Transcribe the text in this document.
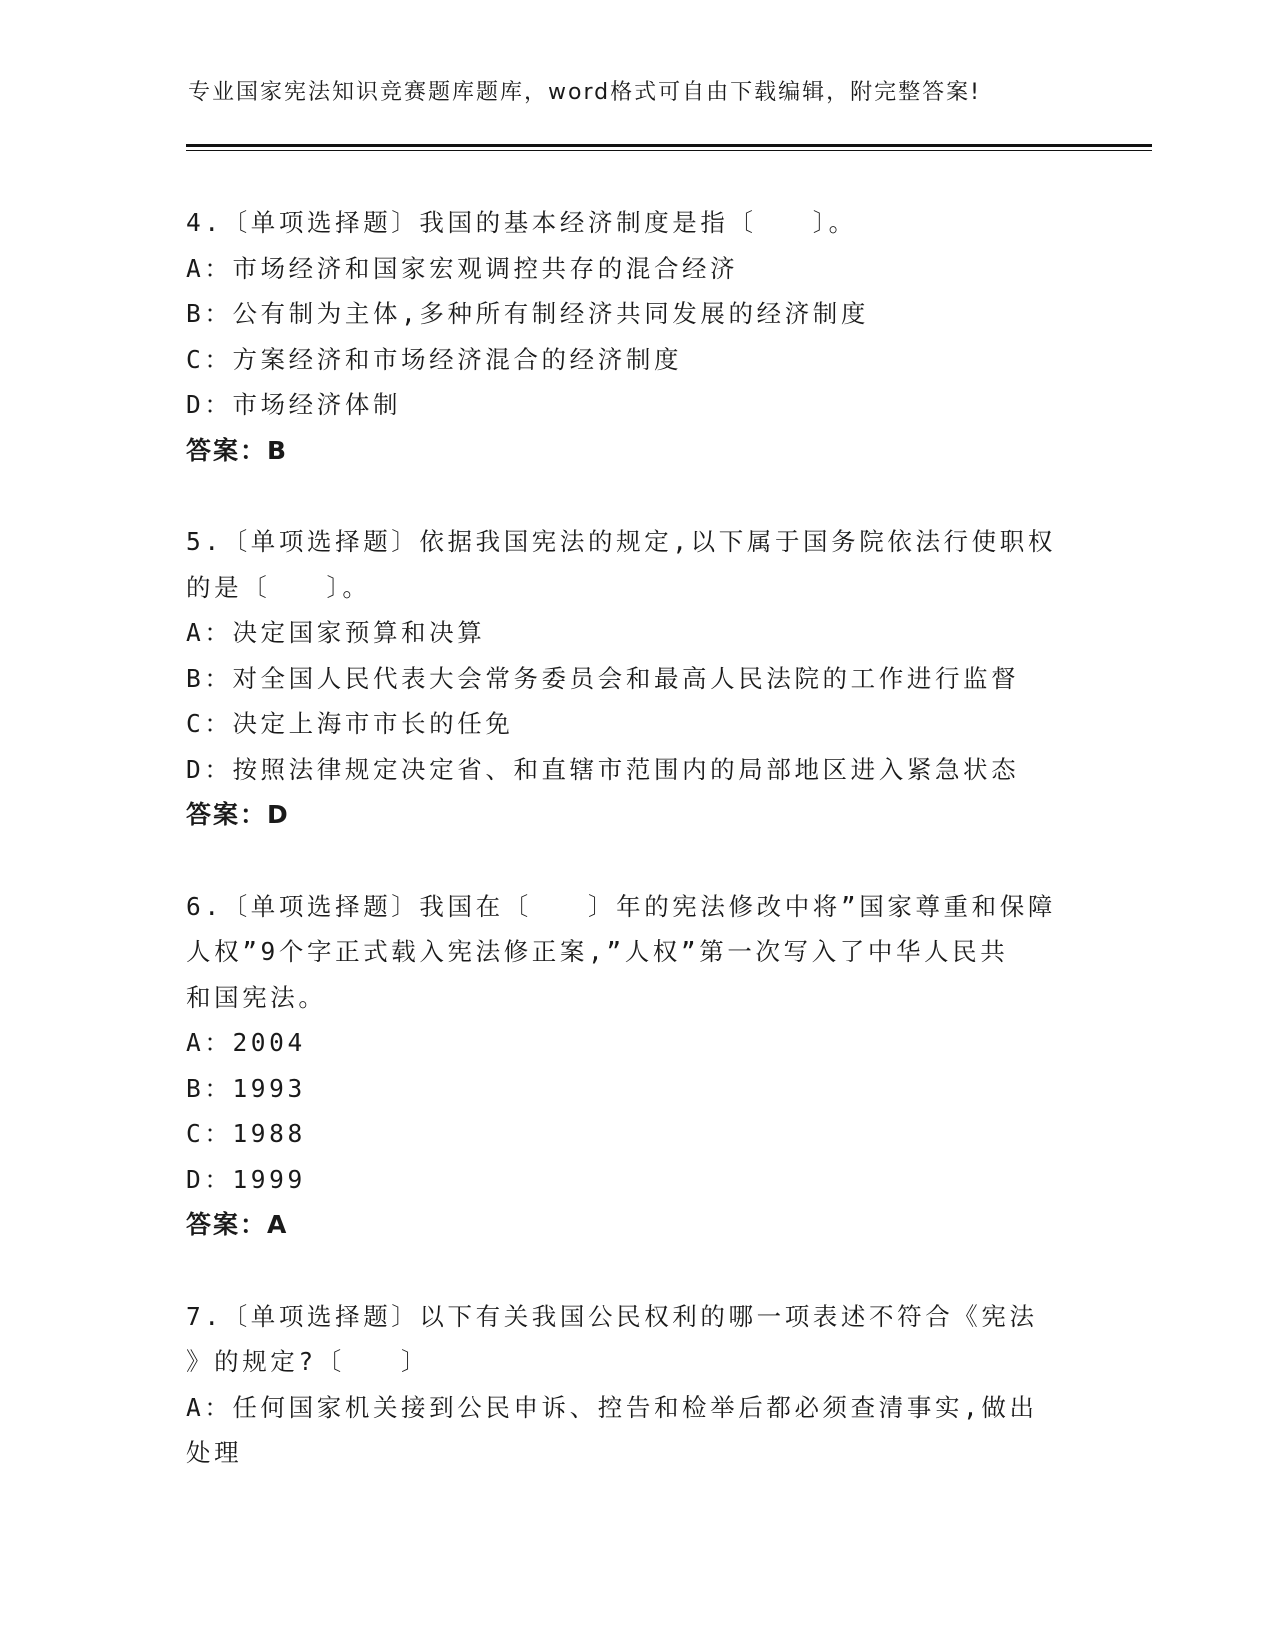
专业国家宪法知识竞赛题库题库，word格式可自由下载编辑，附完整答案!
4.〔单项选择题〕我国的基本经济制度是指〔　　〕。
A：市场经济和国家宏观调控共存的混合经济
B：公有制为主体,多种所有制经济共同发展的经济制度
C：方案经济和市场经济混合的经济制度
D：市场经济体制
答案：B
5.〔单项选择题〕依据我国宪法的规定,以下属于国务院依法行使职权
的是〔　　〕。
A：决定国家预算和决算
B：对全国人民代表大会常务委员会和最高人民法院的工作进行监督
C：决定上海市市长的任免
D：按照法律规定决定省、和直辖市范围内的局部地区进入紧急状态
答案：D
6.〔单项选择题〕我国在〔　　〕年的宪法修改中将”国家尊重和保障
人权”9个字正式载入宪法修正案,”人权”第一次写入了中华人民共
和国宪法。
A：2004
B：1993
C：1988
D：1999
答案：A
7.〔单项选择题〕以下有关我国公民权利的哪一项表述不符合《宪法
》的规定?〔　　〕
A：任何国家机关接到公民申诉、控告和检举后都必须查清事实,做出
处理
